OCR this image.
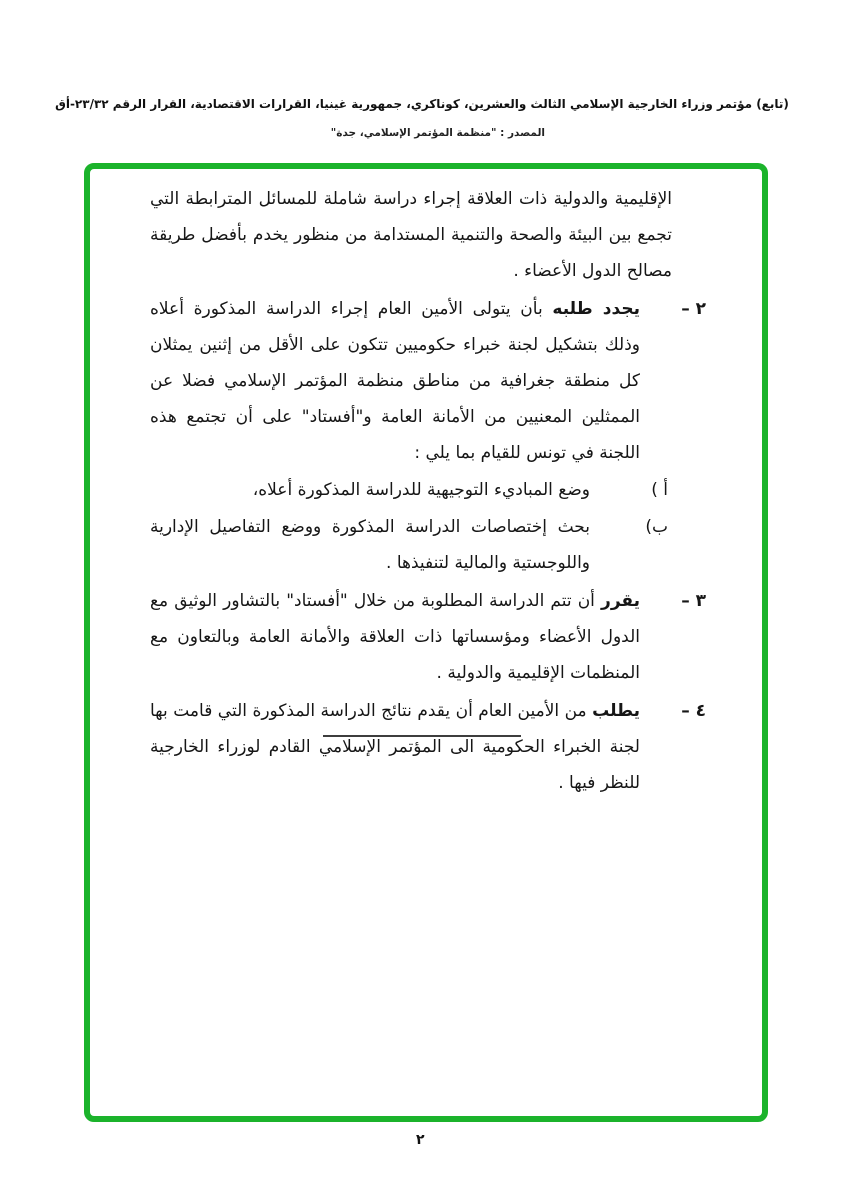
(تابع) مؤتمر وزراء الخارجية الإسلامي الثالث والعشرين، كوناكري، جمهورية غينيا، القرارات الاقتصادية، القرار الرقم ٢٣/٣٢-أق
المصدر : "منظمة المؤتمر الإسلامي، جدة"

الإقليمية والدولية ذات العلاقة إجراء دراسة شاملة للمسائل المترابطة التي تجمع بين البيئة والصحة والتنمية المستدامة من منظور يخدم بأفضل طريقة مصالح الدول الأعضاء .

٢ –

يجدد طلبه بأن يتولى الأمين العام إجراء الدراسة المذكورة أعلاه وذلك بتشكيل لجنة خبراء حكوميين تتكون على الأقل من إثنين يمثلان كل منطقة جغرافية من مناطق منظمة المؤتمر الإسلامي فضلا عن الممثلين المعنيين من الأمانة العامة و"أفستاد" على أن تجتمع هذه اللجنة في تونس للقيام بما يلي :

أ )

وضع المباديء التوجيهية للدراسة المذكورة أعلاه،

ب)

بحث إختصاصات الدراسة المذكورة ووضع التفاصيل الإدارية واللوجستية والمالية لتنفيذها .

٣ –

يقرر أن تتم الدراسة المطلوبة من خلال "أفستاد" بالتشاور الوثيق مع الدول الأعضاء ومؤسساتها ذات العلاقة والأمانة العامة وبالتعاون مع المنظمات الإقليمية والدولية .

٤ –

يطلب من الأمين العام أن يقدم نتائج الدراسة المذكورة التي قامت بها لجنة الخبراء الحكومية الى المؤتمر الإسلامي القادم لوزراء الخارجية للنظر فيها .

٢
